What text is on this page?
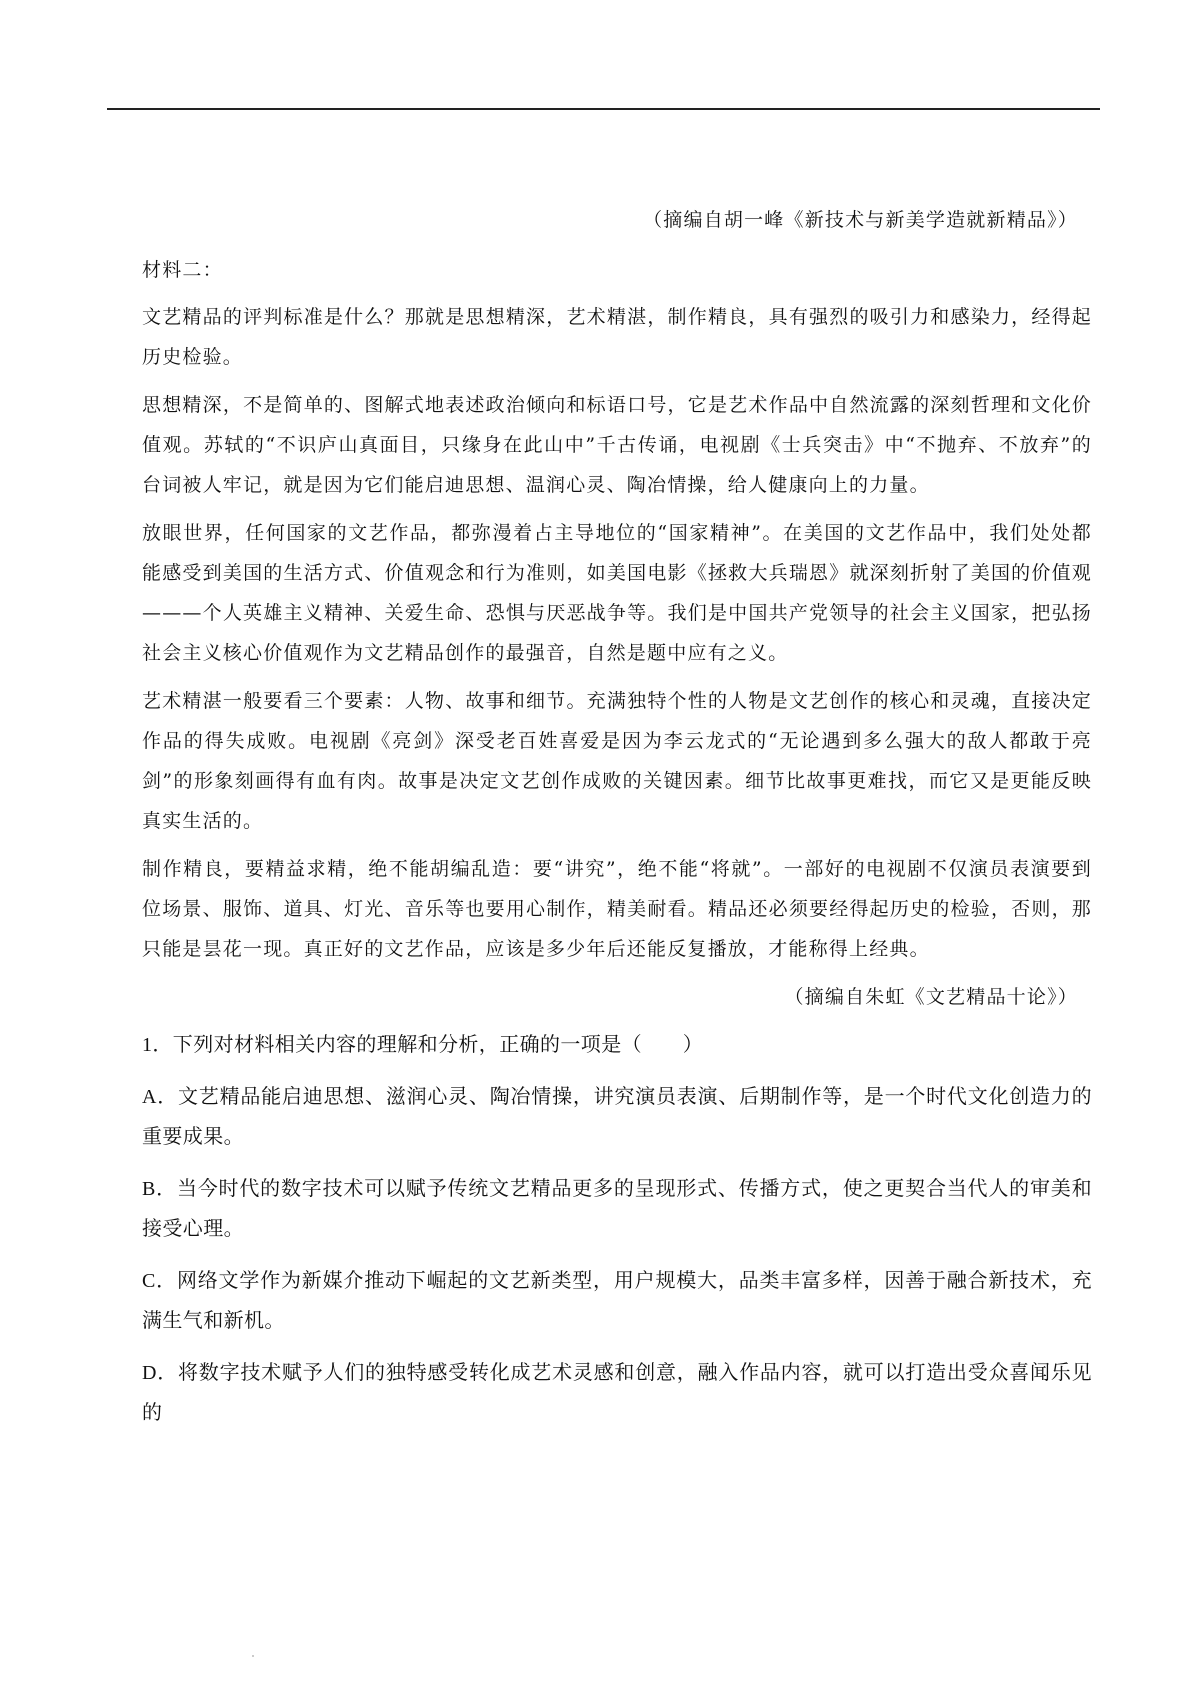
（摘编自胡一峰《新技术与新美学造就新精品》）

材料二：

文艺精品的评判标准是什么？那就是思想精深，艺术精湛，制作精良，具有强烈的吸引力和感染力，经得起历史检验。

思想精深，不是简单的、图解式地表述政治倾向和标语口号，它是艺术作品中自然流露的深刻哲理和文化价值观。苏轼的“不识庐山真面目，只缘身在此山中”千古传诵，电视剧《士兵突击》中“不抛弃、不放弃”的台词被人牢记，就是因为它们能启迪思想、温润心灵、陶冶情操，给人健康向上的力量。

放眼世界，任何国家的文艺作品，都弥漫着占主导地位的“国家精神”。在美国的文艺作品中，我们处处都能感受到美国的生活方式、价值观念和行为准则，如美国电影《拯救大兵瑞恩》就深刻折射了美国的价值观———个人英雄主义精神、关爱生命、恐惧与厌恶战争等。我们是中国共产党领导的社会主义国家，把弘扬社会主义核心价值观作为文艺精品创作的最强音，自然是题中应有之义。

艺术精湛一般要看三个要素：人物、故事和细节。充满独特个性的人物是文艺创作的核心和灵魂，直接决定作品的得失成败。电视剧《亮剑》深受老百姓喜爱是因为李云龙式的“无论遇到多么强大的敌人都敢于亮剑”的形象刻画得有血有肉。故事是决定文艺创作成败的关键因素。细节比故事更难找，而它又是更能反映真实生活的。

制作精良，要精益求精，绝不能胡编乱造：要“讲究”，绝不能“将就”。一部好的电视剧不仅演员表演要到位场景、服饰、道具、灯光、音乐等也要用心制作，精美耐看。精品还必须要经得起历史的检验，否则，那只能是昙花一现。真正好的文艺作品，应该是多少年后还能反复播放，才能称得上经典。

（摘编自朱虹《文艺精品十论》）

1．下列对材料相关内容的理解和分析，正确的一项是（　　）

A．文艺精品能启迪思想、滋润心灵、陶冶情操，讲究演员表演、后期制作等，是一个时代文化创造力的重要成果。

B．当今时代的数字技术可以赋予传统文艺精品更多的呈现形式、传播方式，使之更契合当代人的审美和接受心理。

C．网络文学作为新媒介推动下崛起的文艺新类型，用户规模大，品类丰富多样，因善于融合新技术，充满生气和新机。

D．将数字技术赋予人们的独特感受转化成艺术灵感和创意，融入作品内容，就可以打造出受众喜闻乐见的
